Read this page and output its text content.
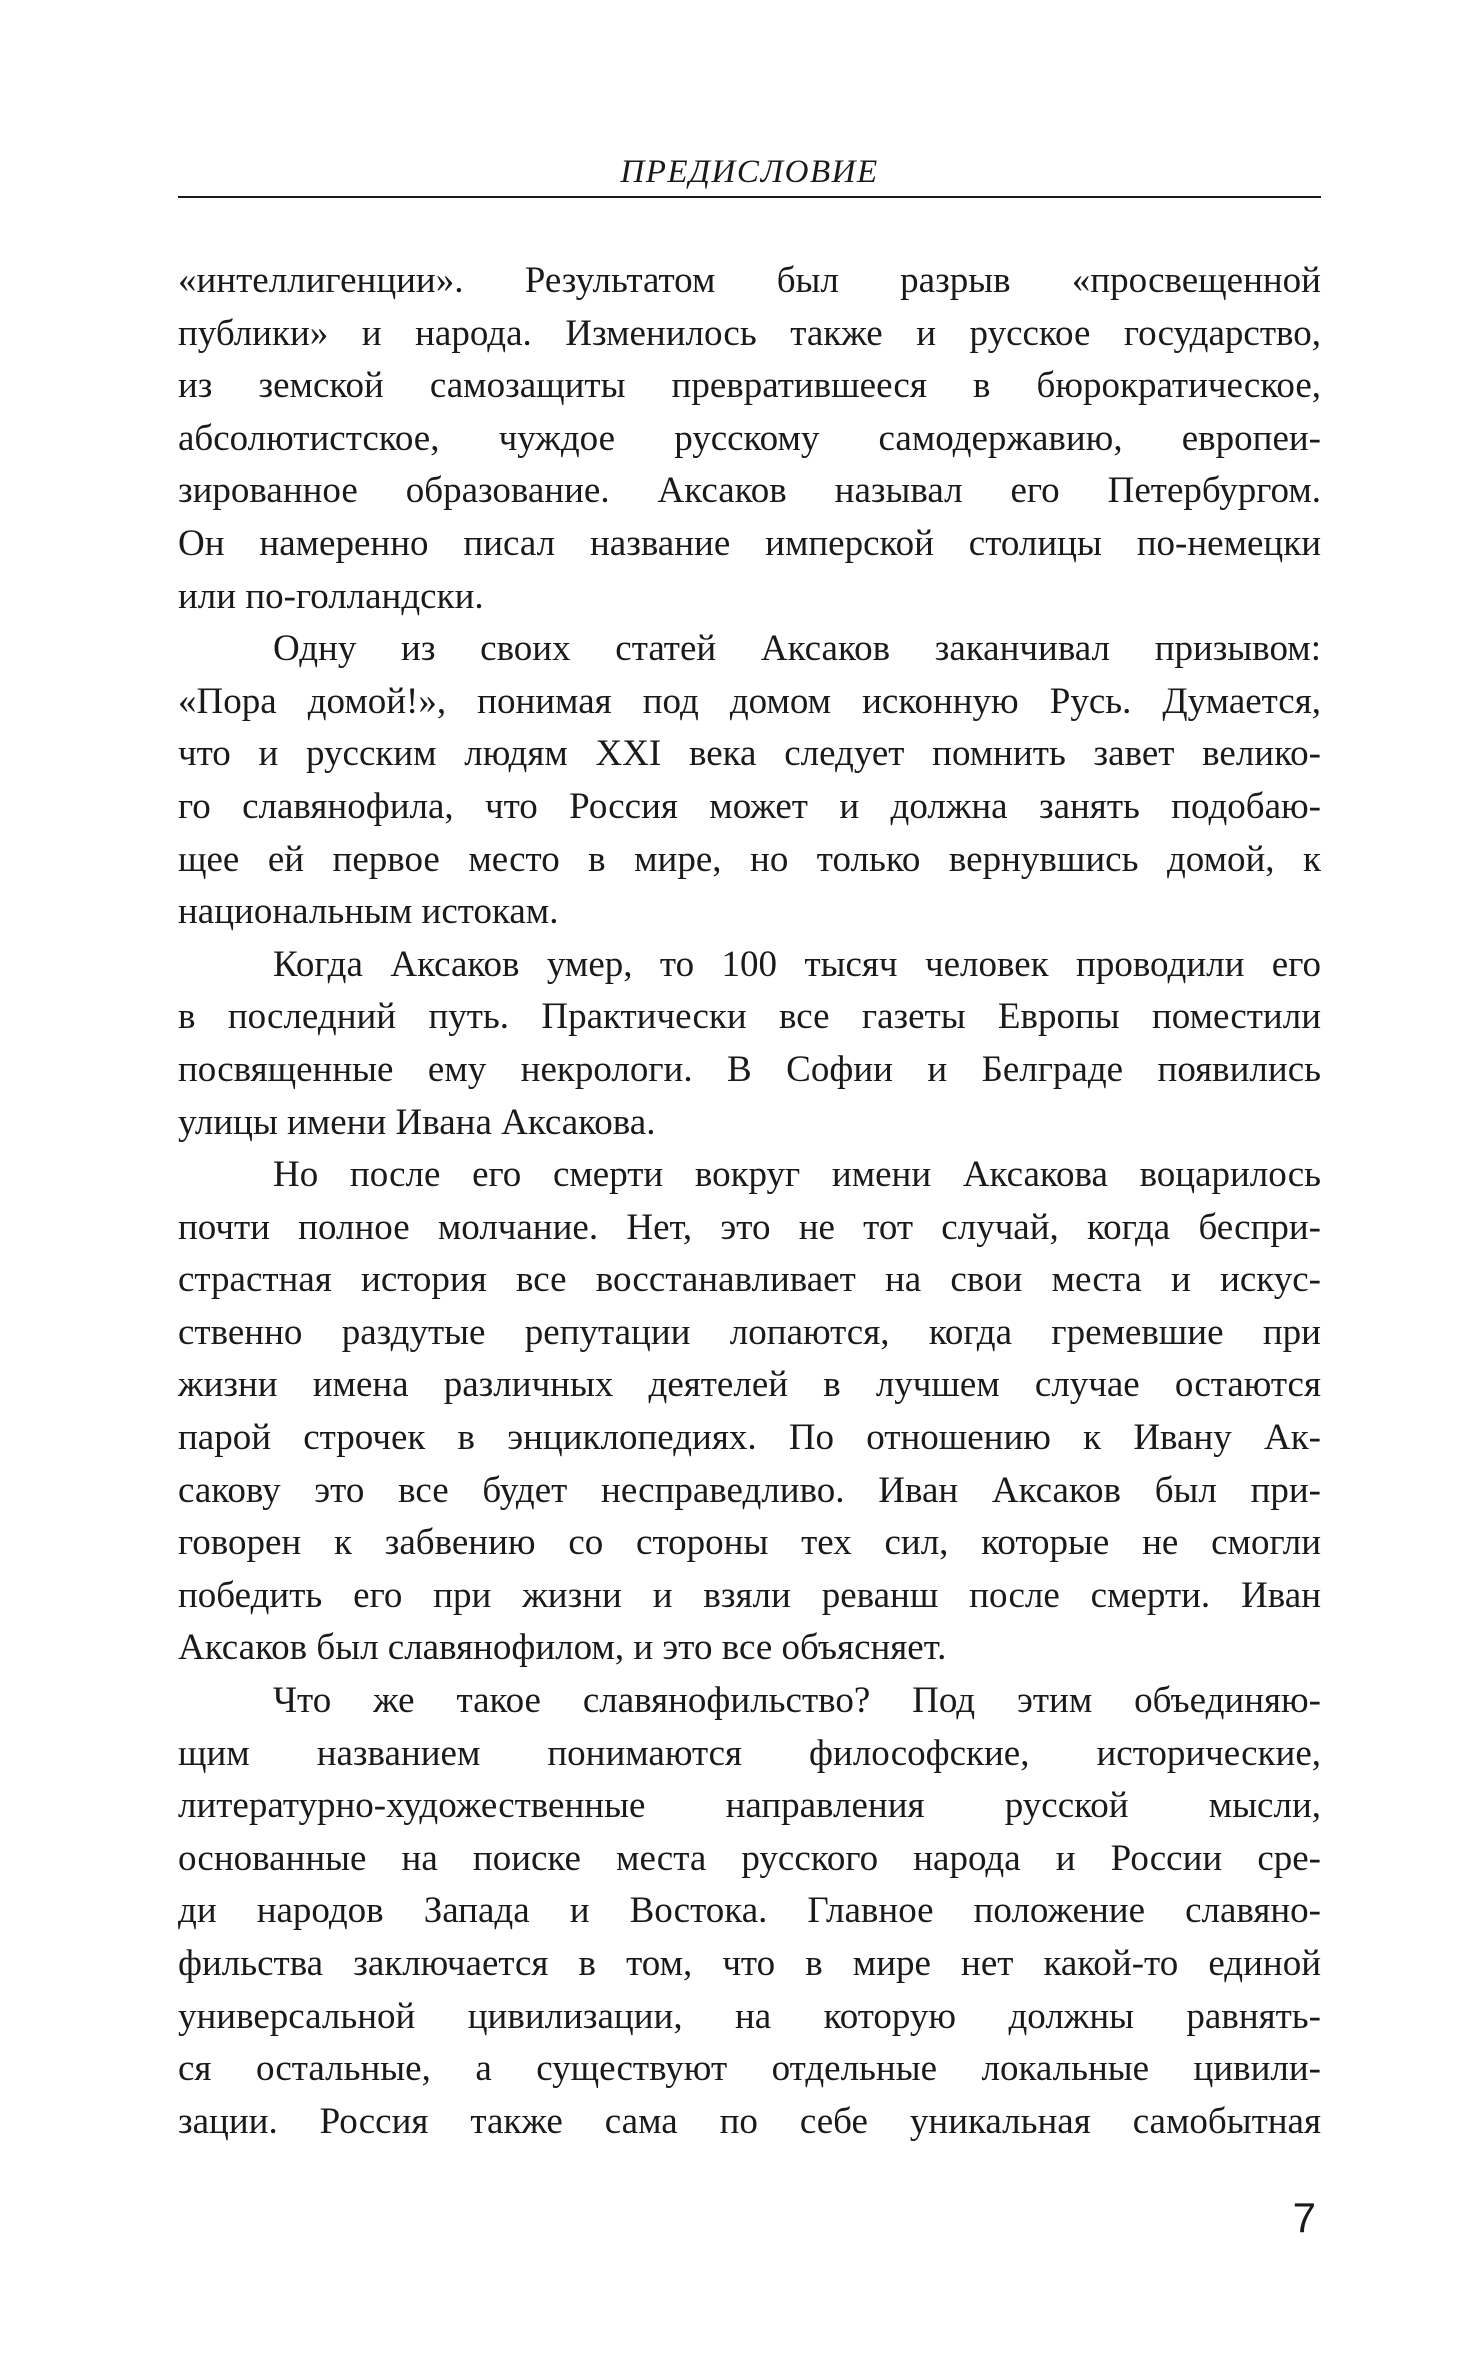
ПРЕДИСЛОВИЕ

«интеллигенции». Результатом был разрыв «просвещенной
публики» и народа. Изменилось также и русское государство,
из земской самозащиты превратившееся в бюрократическое,
абсолютистское, чуждое русскому самодержавию, европеи-
зированное образование. Аксаков называл его Петербургом.
Он намеренно писал название имперской столицы по-немецки
или по-голландски.

Одну из своих статей Аксаков заканчивал призывом:
«Пора домой!», понимая под домом исконную Русь. Думается,
что и русским людям XXI века следует помнить завет велико-
го славянофила, что Россия может и должна занять подобаю-
щее ей первое место в мире, но только вернувшись домой, к
национальным истокам.

Когда Аксаков умер, то 100 тысяч человек проводили его
в последний путь. Практически все газеты Европы поместили
посвященные ему некрологи. В Софии и Белграде появились
улицы имени Ивана Аксакова.

Но после его смерти вокруг имени Аксакова воцарилось
почти полное молчание. Нет, это не тот случай, когда беспри-
страстная история все восстанавливает на свои места и искус-
ственно раздутые репутации лопаются, когда гремевшие при
жизни имена различных деятелей в лучшем случае остаются
парой строчек в энциклопедиях. По отношению к Ивану Ак-
сакову это все будет несправедливо. Иван Аксаков был при-
говорен к забвению со стороны тех сил, которые не смогли
победить его при жизни и взяли реванш после смерти. Иван
Аксаков был славянофилом, и это все объясняет.

Что же такое славянофильство? Под этим объединяю-
щим названием понимаются философские, исторические,
литературно-художественные направления русской мысли,
основанные на поиске места русского народа и России сре-
ди народов Запада и Востока. Главное положение славяно-
фильства заключается в том, что в мире нет какой-то единой
универсальной цивилизации, на которую должны равнять-
ся остальные, а существуют отдельные локальные цивили-
зации. Россия также сама по себе уникальная самобытная

7
